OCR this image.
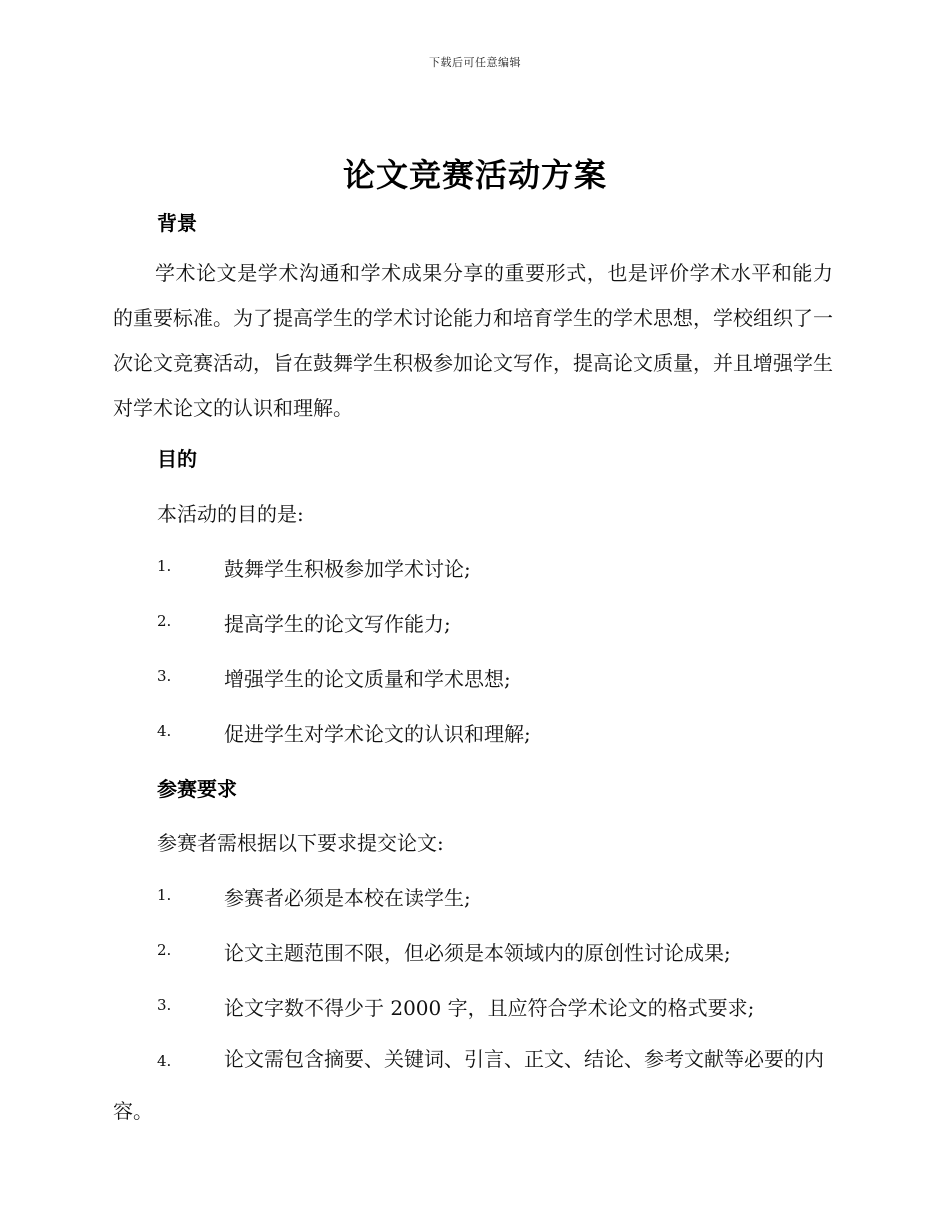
下载后可任意编辑
论文竞赛活动方案
背景
学术论文是学术沟通和学术成果分享的重要形式，也是评价学术水平和能力的重要标准。为了提高学生的学术讨论能力和培育学生的学术思想，学校组织了一次论文竞赛活动，旨在鼓舞学生积极参加论文写作，提高论文质量，并且增强学生对学术论文的认识和理解。
目的
本活动的目的是:
1.	鼓舞学生积极参加学术讨论;
2.	提高学生的论文写作能力;
3.	增强学生的论文质量和学术思想;
4.	促进学生对学术论文的认识和理解;
参赛要求
参赛者需根据以下要求提交论文:
1.	参赛者必须是本校在读学生;
2.	论文主题范围不限，但必须是本领域内的原创性讨论成果;
3.	论文字数不得少于 2000 字，且应符合学术论文的格式要求;
4.	论文需包含摘要、关键词、引言、正文、结论、参考文献等必要的内容。
